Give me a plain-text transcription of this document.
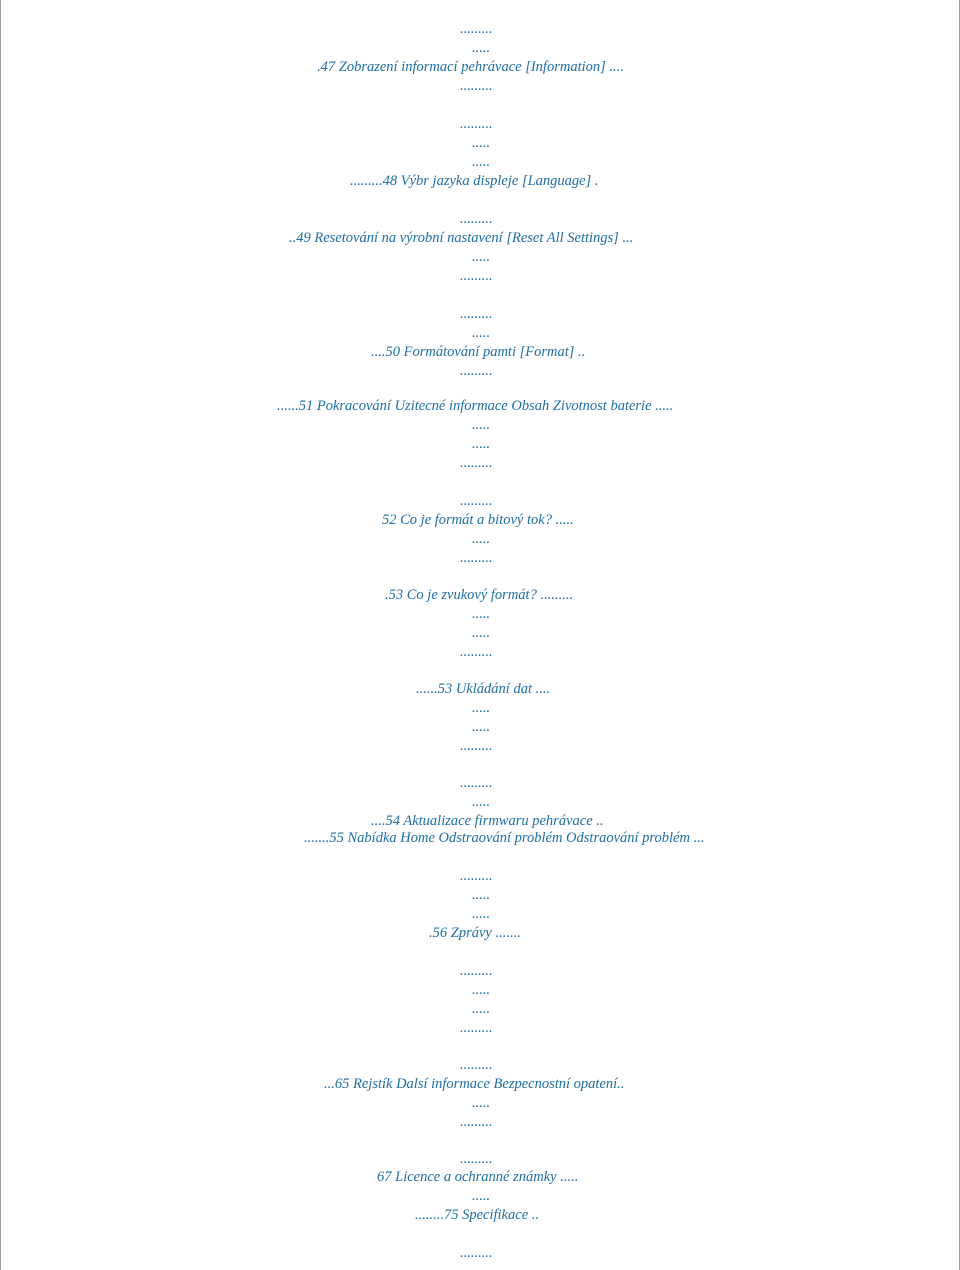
.........
.....
.47 Zobrazení informací pehrávace [Information] ....
.........
.........
.....
.....
.........48 Výbr jazyka displeje [Language] .
.........
..49 Resetování na výrobní nastavení [Reset All Settings] ...
.....
.........
.........
.....
....50 Formátování pamti [Format] ..
.........
......51 Pokracování Uzitecné informace Obsah Zivotnost baterie .....
.....
.....
.........
.........
52 Co je formát a bitový tok? .....
.....
.........
.53 Co je zvukový formát? .........
.....
.....
.........
......53 Ukládání dat ....
.....
.....
.........
.........
.....
....54 Aktualizace firmwaru pehrávace ..
.......55 Nabídka Home Odstraování problém Odstraování problém ...
.........
.....
.....
.56 Zprávy .......
.........
.....
.....
.........
.........
...65 Rejstík Dalsí informace Bezpecnostní opatení..
.....
.........
.........
67 Licence a ochranné známky .....
.....
........75 Specifikace ..
.........
